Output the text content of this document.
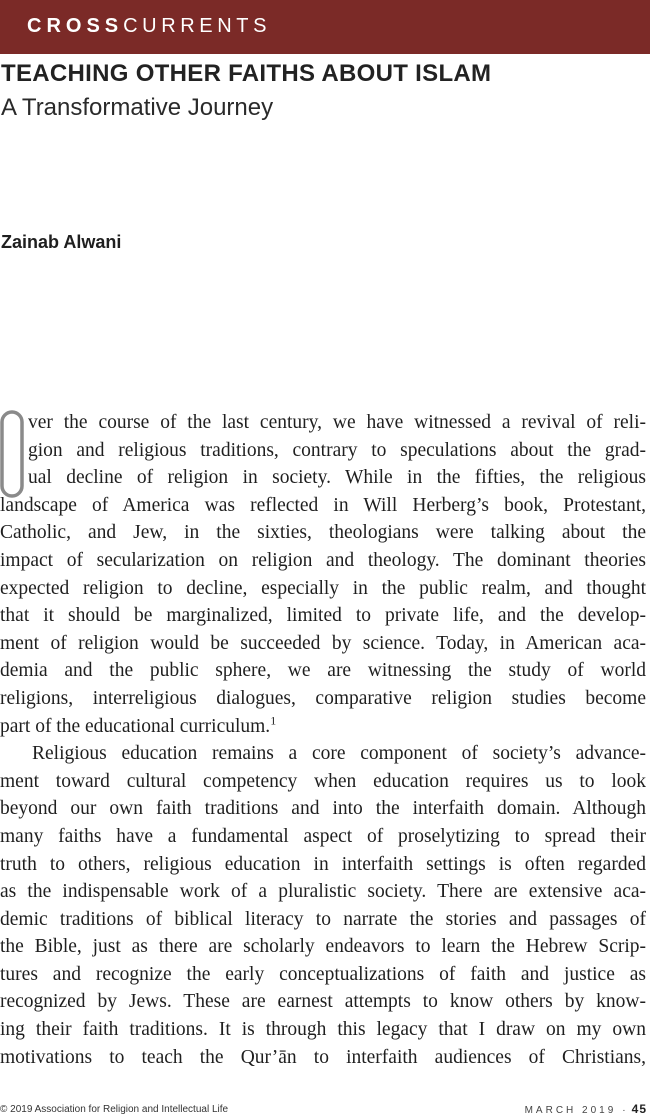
CROSSCURRENTS
TEACHING OTHER FAITHS ABOUT ISLAM
A Transformative Journey
Zainab Alwani
O
ver the course of the last century, we have witnessed a revival of reli-
gion and religious traditions, contrary to speculations about the grad-
ual decline of religion in society. While in the fifties, the religious
landscape of America was reflected in Will Herberg’s book, Protestant,
Catholic, and Jew, in the sixties, theologians were talking about the
impact of secularization on religion and theology. The dominant theories
expected religion to decline, especially in the public realm, and thought
that it should be marginalized, limited to private life, and the develop-
ment of religion would be succeeded by science. Today, in American aca-
demia and the public sphere, we are witnessing the study of world
religions, interreligious dialogues, comparative religion studies become
part of the educational curriculum.$^1$
Religious education remains a core component of society’s advance-
ment toward cultural competency when education requires us to look
beyond our own faith traditions and into the interfaith domain. Although
many faiths have a fundamental aspect of proselytizing to spread their
truth to others, religious education in interfaith settings is often regarded
as the indispensable work of a pluralistic society. There are extensive aca-
demic traditions of biblical literacy to narrate the stories and passages of
the Bible, just as there are scholarly endeavors to learn the Hebrew Scrip-
tures and recognize the early conceptualizations of faith and justice as
recognized by Jews. These are earnest attempts to know others by know-
ing their faith traditions. It is through this legacy that I draw on my own
motivations to teach the Qur’ān to interfaith audiences of Christians,
© 2019 Association for Religion and Intellectual Life	MARCH 2019 · 45
